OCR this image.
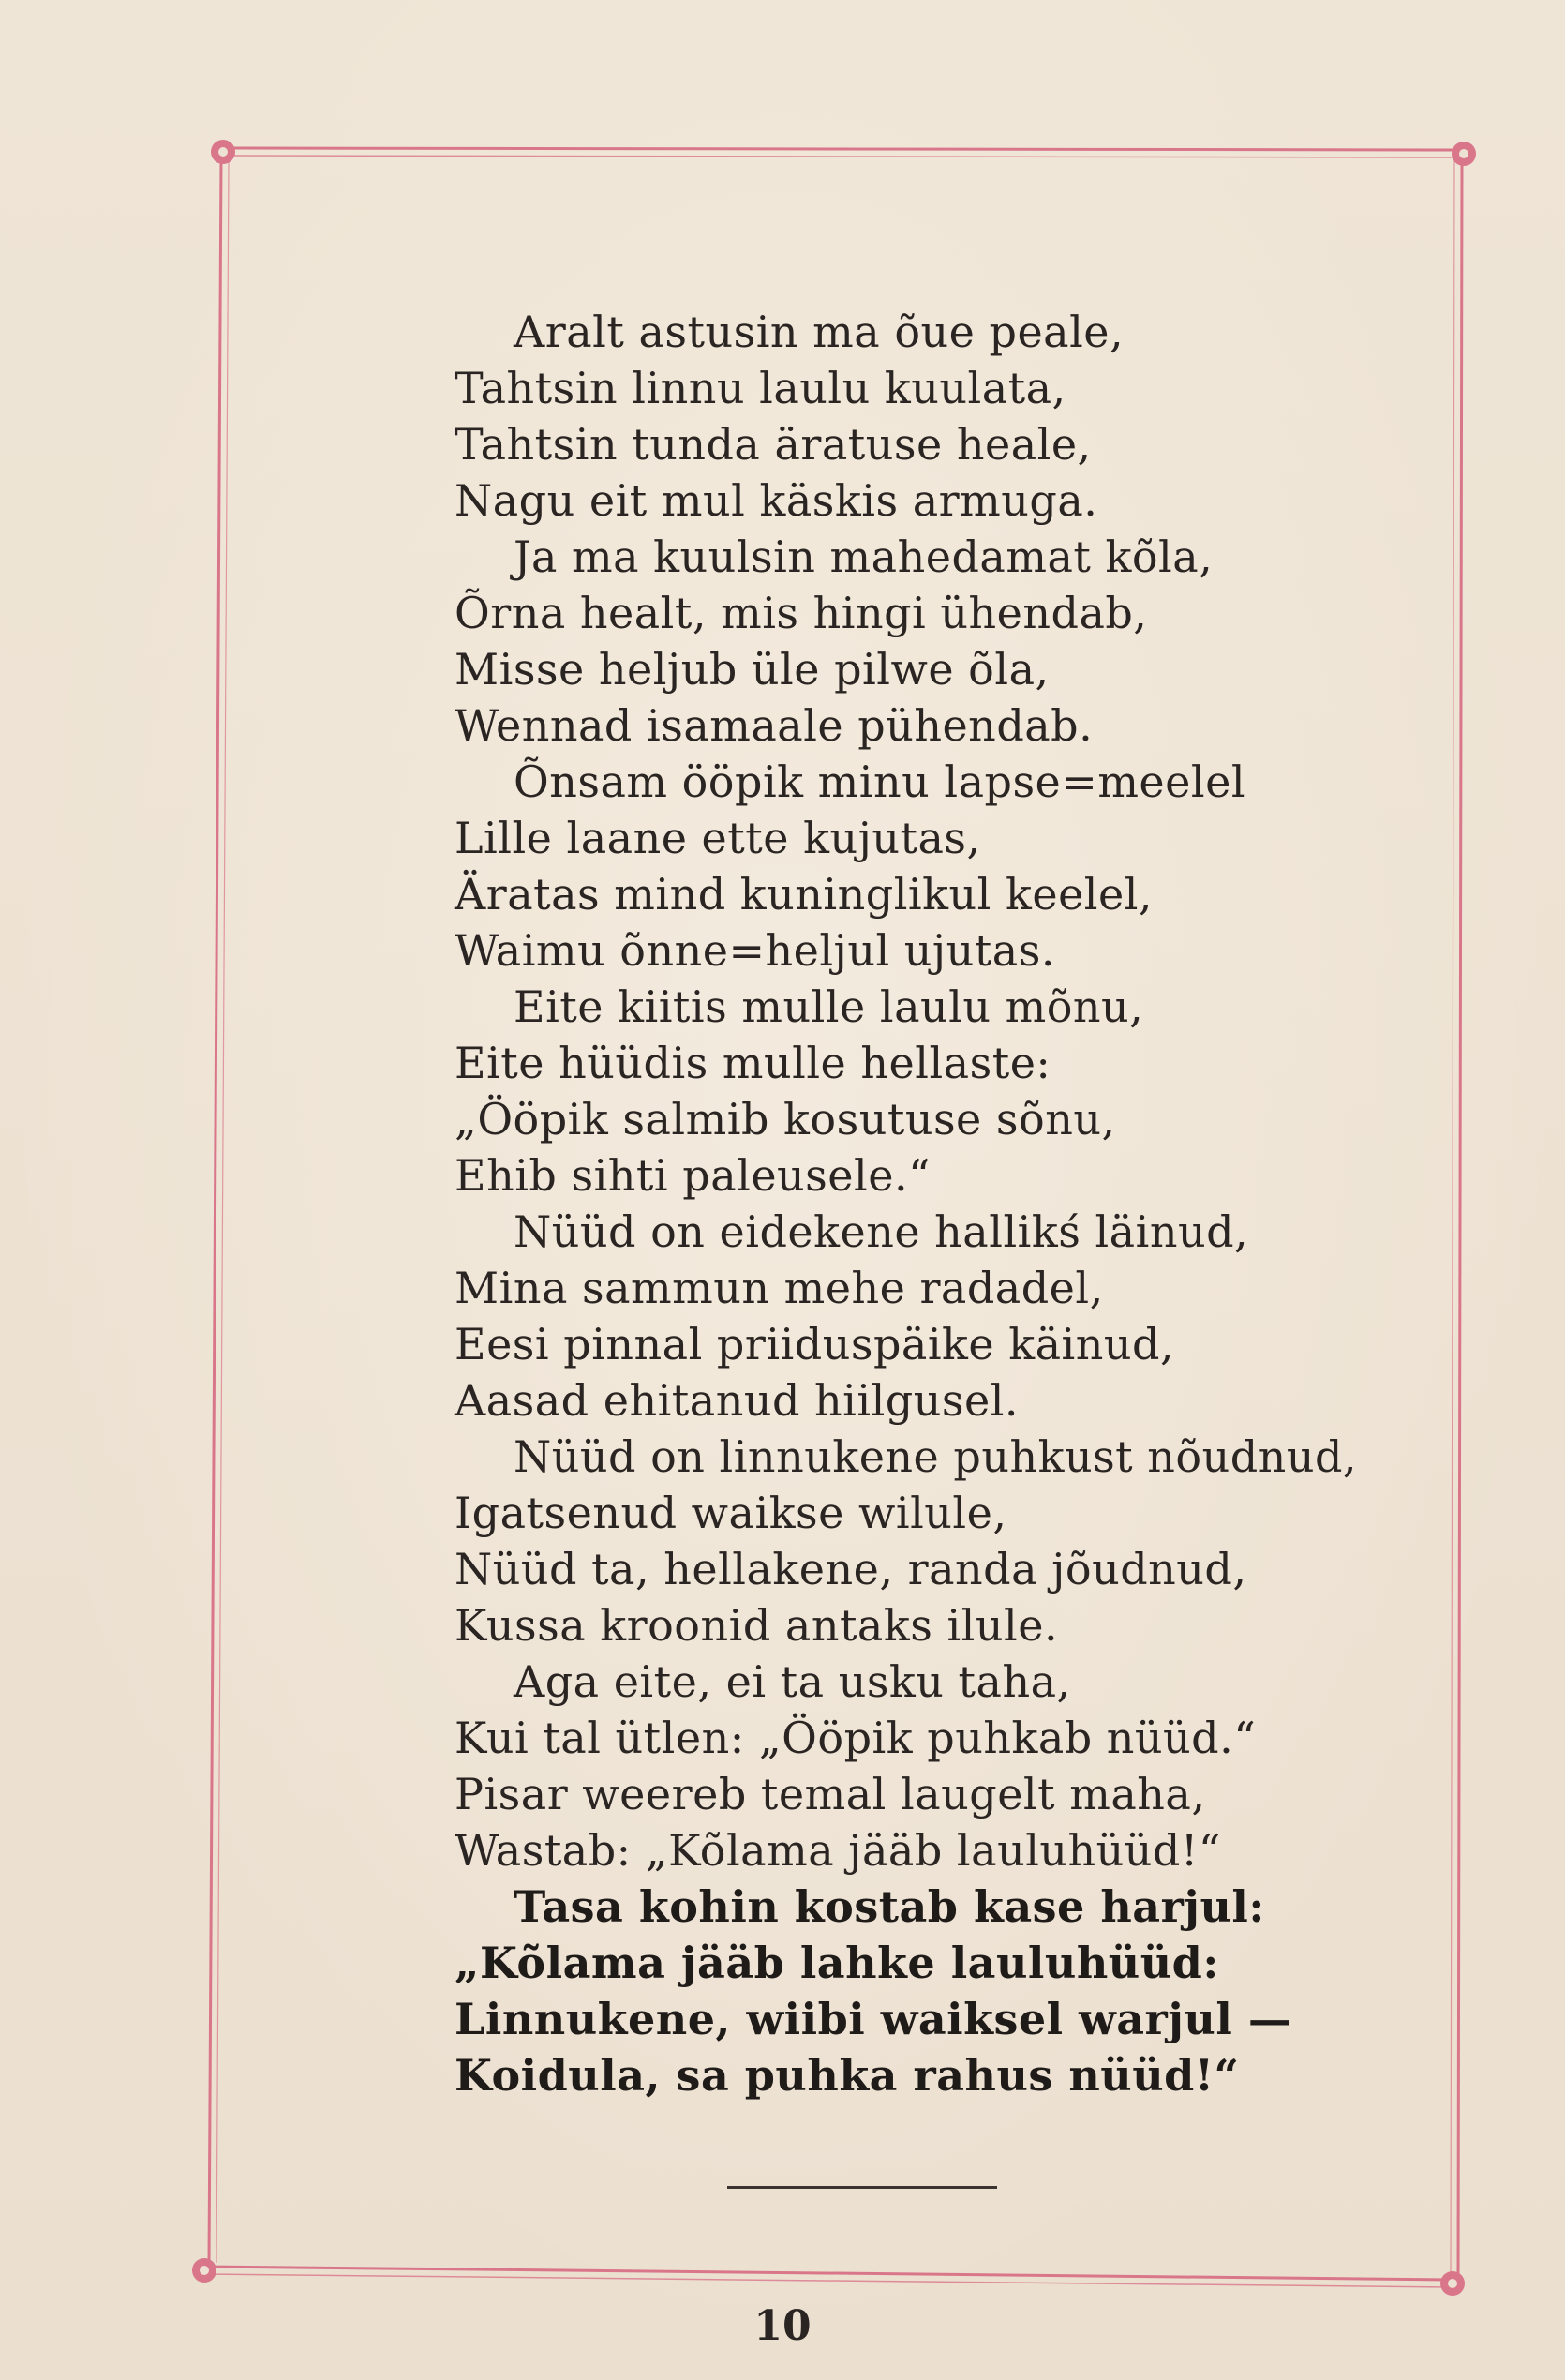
Aralt astusin ma õue peale,
Tahtsin linnu laulu kuulata,
Tahtsin tunda äratuse heale,
Nagu eit mul käskis armuga.
Ja ma kuulsin mahedamat kõla,
Õrna healt, mis hingi ühendab,
Misse heljub üle pilwe õla,
Wennad isamaale pühendab.
Õnsam ööpik minu lapse=meelel
Lille laane ette kujutas,
Äratas mind kuninglikul keelel,
Waimu õnne=heljul ujutas.
Eite kiitis mulle laulu mõnu,
Eite hüüdis mulle hellaste:
„Ööpik salmib kosutuse sõnu,
Ehib sihti paleusele.“
Nüüd on eidekene hallikś läinud,
Mina sammun mehe radadel,
Eesi pinnal priiduspäike käinud,
Aasad ehitanud hiilgusel.
Nüüd on linnukene puhkust nõudnud,
Igatsenud waikse wilule,
Nüüd ta, hellakene, randa jõudnud,
Kussa kroonid antaks ilule.
Aga eite, ei ta usku taha,
Kui tal ütlen: „Ööpik puhkab nüüd.“
Pisar weereb temal laugelt maha,
Wastab: „Kõlama jääb lauluhüüd!“
Tasa kohin kostab kase harjul:
„Kõlama jääb lahke lauluhüüd:
Linnukene, wiibi waiksel warjul —
Koidula, sa puhka rahus nüüd!“
10
